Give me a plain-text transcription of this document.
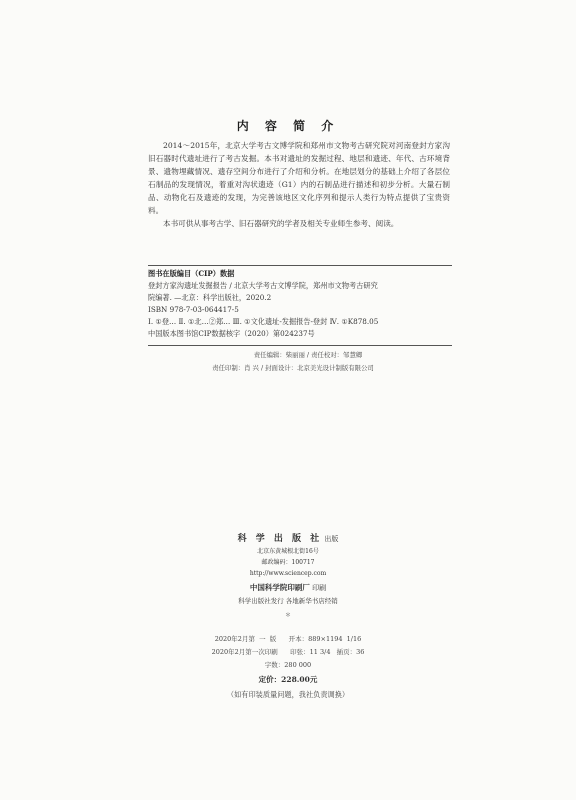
内 容 简 介

2014～2015年，北京大学考古文博学院和郑州市文物考古研究院对河南登封方家沟旧石器时代遗址进行了考古发掘。本书对遗址的发掘过程、地层和遗迹、年代、古环境背景、遗物埋藏情况、遗存空间分布进行了介绍和分析。在地层划分的基础上介绍了各层位石制品的发现情况，着重对沟状遗迹（G1）内的石制品进行描述和初步分析。大量石制品、动物化石及遗迹的发现，为完善该地区文化序列和提示人类行为特点提供了宝贵资料。

本书可供从事考古学、旧石器研究的学者及相关专业师生参考、阅读。

图书在版编目（CIP）数据
登封方家沟遗址发掘报告 / 北京大学考古文博学院，郑州市文物考古研究
院编著. —北京：科学出版社，2020.2
ISBN 978-7-03-064417-5
Ⅰ. ①登… Ⅱ. ①北…②郑… Ⅲ. ①文化遗址-发掘报告-登封 Ⅳ. ①K878.05
中国版本图书馆CIP数据核字（2020）第024237号
责任编辑：柴丽丽 / 责任校对：邹慧卿
责任印制：肖 兴 / 封面设计：北京美光设计制版有限公司
科 学 出 版 社 出版
北京东黄城根北街16号
邮政编码：100717
http://www.sciencep.com
中国科学院印刷厂 印刷
科学出版社发行 各地新华书店经销
＊
2020年2月第  一  版      开本：889×1194  1/16
2020年2月第一次印刷      印张：11 3/4   插页：36
字数：280 000
定价：228.00元
（如有印装质量问题，我社负责调换）
